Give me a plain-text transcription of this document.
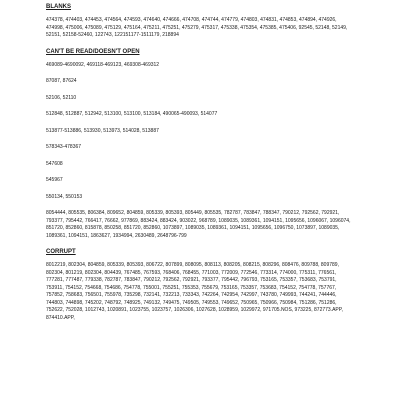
BLANKS
474378, 474403, 474453, 474564, 474593, 474640, 474666, 474708, 474744, 474779, 474803, 474831, 474853, 474894, 474926, 474998, 475006, 475089, 475129, 475164, 475211, 475251, 475279, 475317, 475338, 475354, 475385, 475406, 92545, 52148, 52149, 52151, 52158-52460, 122743, 122151177-1511179, 218894
CAN'T BE READ/DOESN'T OPEN
469089-4690092, 469118-469123, 469308-469312
87087, 87624
52106, 52110
512848, 512887, 512942, 513100, 513100, 513184, 490065-490093, 514077
513877-513886, 513930, 513973, 514028, 513887
578343-478367
547608
545967
550134, 550153
8054444, 805535, 806384, 809652, 804859, 805339, 805393, 805449, 805535, 782787, 783847, 788347, 790212, 792562, 792921, 793377, 795442, 766417, 76662, 977869, 883424, 883424, 903022, 968789, 1089035, 1089361, 1094151, 1095656, 1096067, 1096074, 851720, 852860, 815878, 850258, 851720, 852860, 1073897, 1089035, 1089361, 1094151, 1095656, 1096750, 1073897, 1089035, 1089361, 1094151, 1863627, 1934994, 2630489, 2648796-799
CORRUPT
8012219, 802304, 804859, 805339, 805393, 806722, 807899, 808095, 808113, 808205, 808215, 808296, 808476, 809788, 809789, 802304, 801219, 802304, 804439, 767485, 767593, 768406, 768455, 771003, 772009, 772546, 773314, 774000, 775311, 776561, 777281, 777487, 779338, 782787, 783847, 790212, 792562, 792921, 793377, 795442, 796793, 753165, 753357, 753683, 753791, 753911, 754152, 754668, 754686, 754778, 755001, 755251, 755353, 755679, 753165, 753357, 753683, 754152, 754778, 757767, 757852, 758683, 756501, 755978, 735298, 732141, 732213, 733343, 742264, 742954, 742997, 743780, 749993, 744241, 744446, 744803, 744898, 745202, 748792, 748925, 749132, 749475, 749505, 749553, 749652, 750965, 750966, 750984, 751286, 751286, 752622, 752028, 1012743, 1020891, 1023755, 1023757, 1026306, 1027628, 1028959, 1029972, 971705.NOS, 973225, 872773.APP, 874410.APP,
